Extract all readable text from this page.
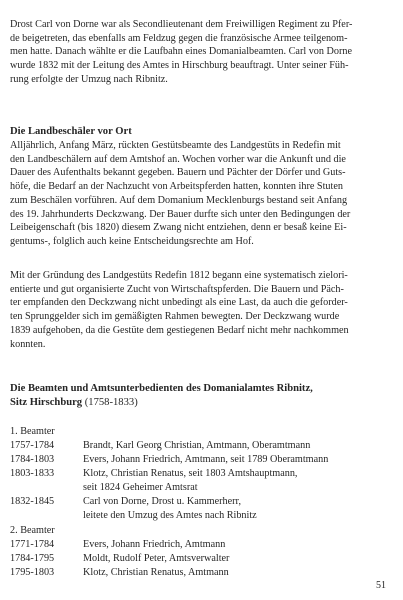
Drost Carl von Dorne war als Secondlieutenant dem Freiwilligen Regiment zu Pfer-
de beigetreten, das ebenfalls am Feldzug gegen die französische Armee teilgenom-
men hatte. Danach wählte er die Laufbahn eines Domanialbeamten. Carl von Dorne
wurde 1832 mit der Leitung des Amtes in Hirschburg beauftragt. Unter seiner Füh-
rung erfolgte der Umzug nach Ribnitz.
Die Landbeschäler vor Ort
Alljährlich, Anfang März, rückten Gestütsbeamte des Landgestüts in Redefin mit
den Landbeschälern auf dem Amtshof an. Wochen vorher war die Ankunft und die
Dauer des Aufenthalts bekannt gegeben. Bauern und Pächter der Dörfer und Guts-
höfe, die Bedarf an der Nachzucht von Arbeitspferden hatten, konnten ihre Stuten
zum Beschälen vorführen. Auf dem Domanium Mecklenburgs bestand seit Anfang
des 19. Jahrhunderts Deckzwang. Der Bauer durfte sich unter den Bedingungen der
Leibeigenschaft (bis 1820) diesem Zwang nicht entziehen, denn er besaß keine Ei-
gentums-, folglich auch keine Entscheidungsrechte am Hof.
Mit der Gründung des Landgestüts Redefin 1812 begann eine systematisch zielori-
entierte und gut organisierte Zucht von Wirtschaftspferden. Die Bauern und Päch-
ter empfanden den Deckzwang nicht unbedingt als eine Last, da auch die geforder-
ten Sprunggelder sich im gemäßigten Rahmen bewegten. Der Deckzwang wurde
1839 aufgehoben, da die Gestüte dem gestiegenen Bedarf nicht mehr nachkommen
konnten.
Die Beamten und Amtsunterbedienten des Domanialamtes Ribnitz,
Sitz Hirschburg (1758-1833)
1. Beamter
1757-1784	Brandt, Karl Georg Christian, Amtmann, Oberamtmann
1784-1803	Evers, Johann Friedrich, Amtmann, seit 1789 Oberamtmann
1803-1833	Klotz, Christian Renatus, seit 1803 Amtshauptmann,
seit 1824 Geheimer Amtsrat
1832-1845	Carl von Dorne, Drost u. Kammerherr,
leitete den Umzug des Amtes nach Ribnitz
2. Beamter
1771-1784	Evers, Johann Friedrich, Amtmann
1784-1795	Moldt, Rudolf Peter, Amtsverwalter
1795-1803	Klotz, Christian Renatus, Amtmann
51
